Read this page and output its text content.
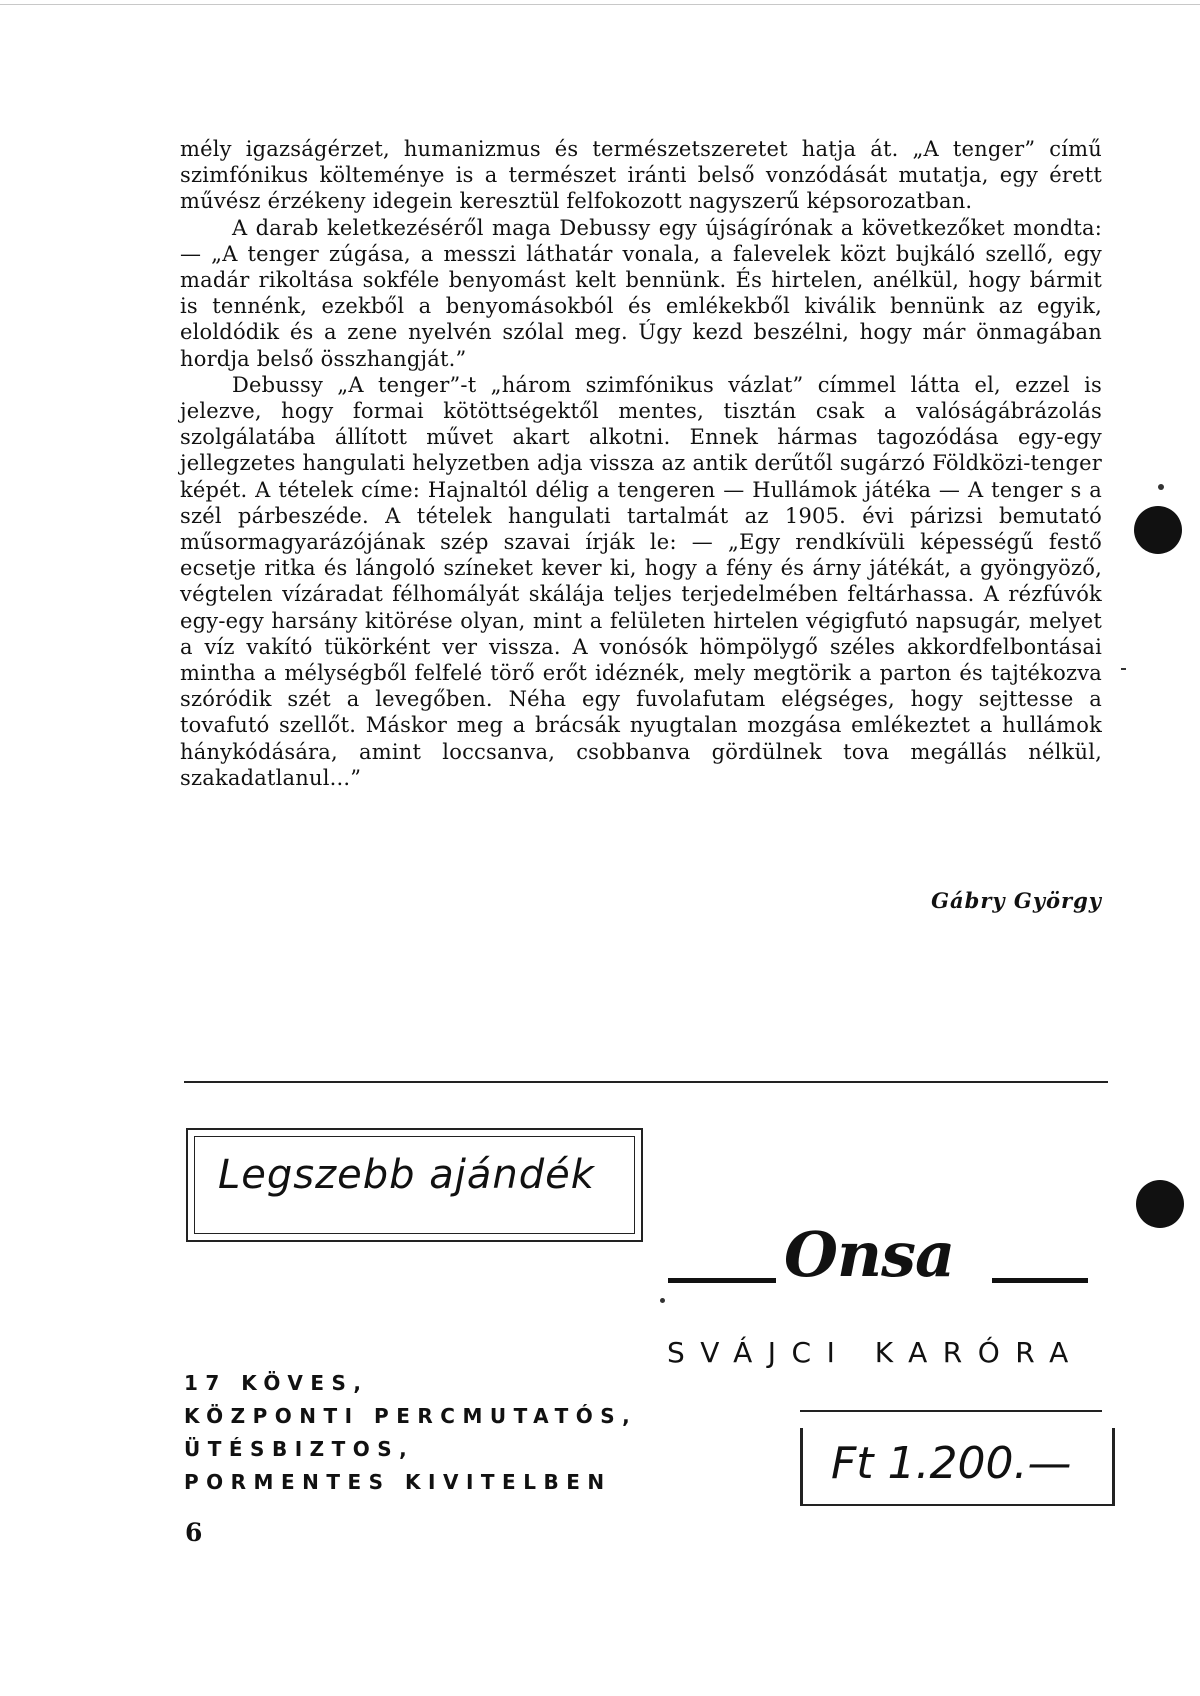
mély igazságérzet, humanizmus és természetszeretet hatja át. „A tenger” című szimfónikus költeménye is a természet iránti belső vonzódását mutatja, egy érett művész érzékeny idegein keresztül felfokozott nagyszerű képsorozatban.

A darab keletkezéséről maga Debussy egy újságírónak a következőket mondta: — „A tenger zúgása, a messzi láthatár vonala, a falevelek közt bujkáló szellő, egy madár rikoltása sokféle benyomást kelt bennünk. És hirtelen, anélkül, hogy bármit is tennénk, ezekből a benyomásokból és emlékekből kiválik bennünk az egyik, eloldódik és a zene nyelvén szólal meg. Úgy kezd beszélni, hogy már önmagában hordja belső összhangját.”

Debussy „A tenger”-t „három szimfónikus vázlat” címmel látta el, ezzel is jelezve, hogy formai kötöttségektől mentes, tisztán csak a valóságábrázolás szolgálatába állított művet akart alkotni. Ennek hármas tagozódása egy-egy jellegzetes hangulati helyzetben adja vissza az antik derűtől sugárzó Földközi-tenger képét. A tételek címe: Hajnaltól délig a tengeren — Hullámok játéka — A tenger s a szél párbeszéde. A tételek hangulati tartalmát az 1905. évi párizsi bemutató műsormagyarázójának szép szavai írják le: — „Egy rendkívüli képességű festő ecsetje ritka és lángoló színeket kever ki, hogy a fény és árny játékát, a gyöngyöző, végtelen vízáradat félhomályát skálája teljes terjedelmében feltárhassa. A rézfúvók egy-egy harsány kitörése olyan, mint a felületen hirtelen végigfutó napsugár, melyet a víz vakító tükörként ver vissza. A vonósók hömpölygő széles akkordfelbontásai mintha a mélységből felfelé törő erőt idéznék, mely megtörik a parton és tajtékozva szóródik szét a levegőben. Néha egy fuvolafutam elégséges, hogy sejttesse a tovafutó szellőt. Máskor meg a brácsák nyugtalan mozgása emlékeztet a hullámok hánykódására, amint loccsanva, csobbanva gördülnek tova megállás nélkül, szakadatlanul...”

Gábry György
Legszebb ajándék
Onsa
SVÁJCI KARÓRA
Ft 1.200.—
17 KÖVES,
KÖZPONTI PERCMUTATÓS,
ÜTÉSBIZTOS,
PORMENTES KIVITELBEN
6
